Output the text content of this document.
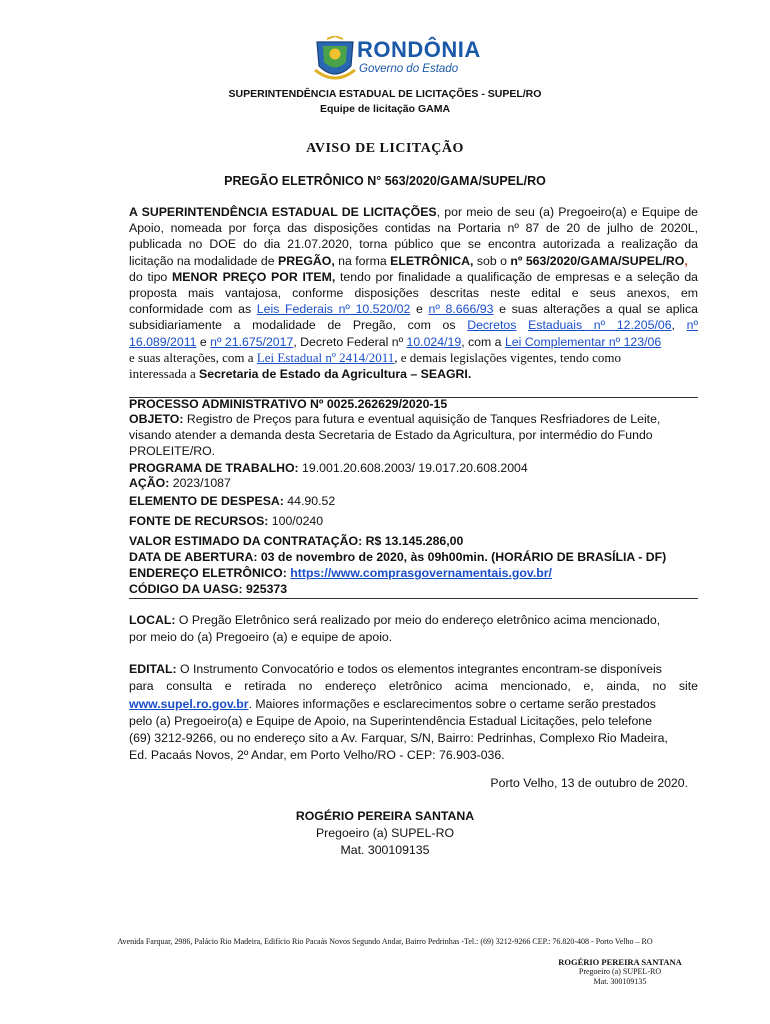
RONDÔNIA
Governo do Estado
SUPERINTENDÊNCIA ESTADUAL DE LICITAÇÕES - SUPEL/RO
Equipe de licitação GAMA
AVISO DE LICITAÇÃO
PREGÃO ELETRÔNICO N° 563/2020/GAMA/SUPEL/RO
A SUPERINTENDÊNCIA ESTADUAL DE LICITAÇÕES, por meio de seu (a) Pregoeiro(a) e Equipe de
Apoio, nomeada por força das disposições contidas na Portaria nº 87 de 20 de julho de 2020L,
publicada no DOE do dia 21.07.2020, torna público que se encontra autorizada a realização da
licitação na modalidade de PREGÃO, na forma ELETRÔNICA, sob o nº 563/2020/GAMA/SUPEL/RO,
do tipo MENOR PREÇO POR ITEM, tendo por finalidade a qualificação de empresas e a seleção da
proposta mais vantajosa, conforme disposições descritas neste edital e seus anexos, em
conformidade com as Leis Federais nº 10.520/02 e nº 8.666/93 e suas alterações a qual se aplica
subsidiariamente a modalidade de Pregão, com os Decretos Estaduais nº 12.205/06, nº
16.089/2011 e nº 21.675/2017, Decreto Federal nº 10.024/19, com a Lei Complementar nº 123/06
e suas alterações, com a Lei Estadual nº 2414/2011, e demais legislações vigentes, tendo como
interessada a Secretaria de Estado da Agricultura – SEAGRI.
PROCESSO ADMINISTRATIVO Nº 0025.262629/2020-15
OBJETO: Registro de Preços para futura e eventual aquisição de Tanques Resfriadores de Leite,
visando atender a demanda desta Secretaria de Estado da Agricultura, por intermédio do Fundo
PROLEITE/RO.
PROGRAMA DE TRABALHO: 19.001.20.608.2003/ 19.017.20.608.2004
AÇÃO: 2023/1087
ELEMENTO DE DESPESA: 44.90.52
FONTE DE RECURSOS: 100/0240
VALOR ESTIMADO DA CONTRATAÇÃO: R$ 13.145.286,00
DATA DE ABERTURA: 03 de novembro de 2020, às 09h00min. (HORÁRIO DE BRASÍLIA - DF)
ENDEREÇO ELETRÔNICO: https://www.comprasgovernamentais.gov.br/
CÓDIGO DA UASG: 925373
LOCAL: O Pregão Eletrônico será realizado por meio do endereço eletrônico acima mencionado,
por meio do (a) Pregoeiro (a) e equipe de apoio.
EDITAL: O Instrumento Convocatório e todos os elementos integrantes encontram-se disponíveis
para consulta e retirada no endereço eletrônico acima mencionado, e, ainda, no site
www.supel.ro.gov.br. Maiores informações e esclarecimentos sobre o certame serão prestados
pelo (a) Pregoeiro(a) e Equipe de Apoio, na Superintendência Estadual Licitações, pelo telefone
(69) 3212-9266, ou no endereço sito a Av. Farquar, S/N, Bairro: Pedrinhas, Complexo Rio Madeira,
Ed. Pacaás Novos, 2º Andar, em Porto Velho/RO - CEP: 76.903-036.
Porto Velho, 13 de outubro de 2020.
ROGÉRIO PEREIRA SANTANA
Pregoeiro (a) SUPEL-RO
Mat. 300109135
Avenida Farquar, 2986, Palácio Rio Madeira, Edifício Rio Pacaás Novos Segundo Andar, Bairro Pedrinhas -Tel.: (69) 3212-9266 CEP.: 76.820-408 - Porto Velho – RO
ROGÉRIO PEREIRA SANTANA
Pregoeiro (a) SUPEL-RO
Mat. 300109135
